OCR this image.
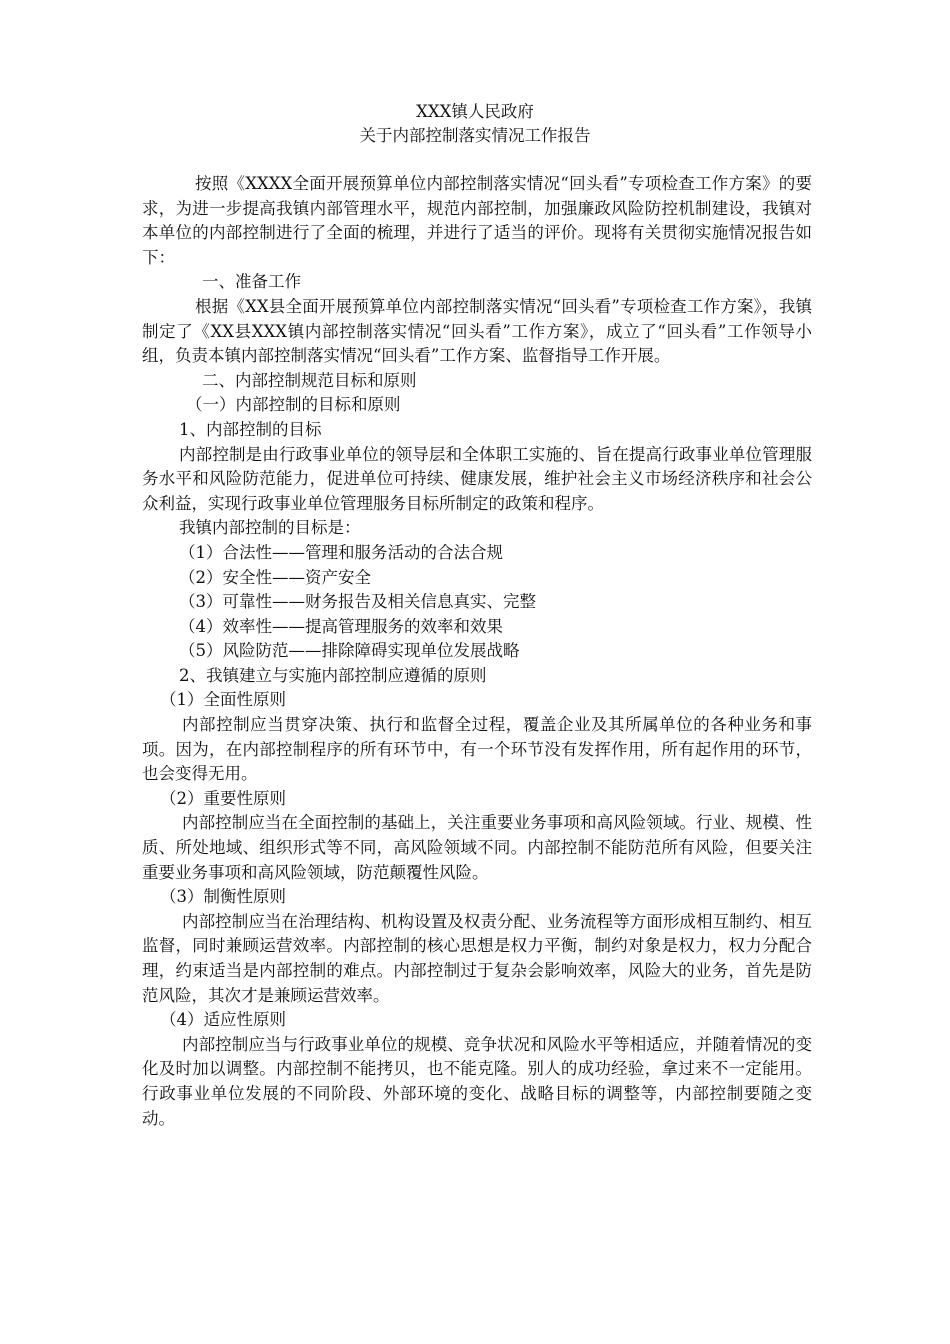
XXX镇人民政府
关于内部控制落实情况工作报告

按照《XXXX全面开展预算单位内部控制落实情况“回头看”专项检查工作方案》的要求，为进一步提高我镇内部管理水平，规范内部控制，加强廉政风险防控机制建设，我镇对本单位的内部控制进行了全面的梳理，并进行了适当的评价。现将有关贯彻实施情况报告如下：

一、准备工作

根据《XX县全面开展预算单位内部控制落实情况“回头看”专项检查工作方案》，我镇制定了《XX县XXX镇内部控制落实情况“回头看”工作方案》，成立了“回头看”工作领导小组，负责本镇内部控制落实情况“回头看”工作方案、监督指导工作开展。

二、内部控制规范目标和原则

（一）内部控制的目标和原则

1、内部控制的目标

内部控制是由行政事业单位的领导层和全体职工实施的、旨在提高行政事业单位管理服务水平和风险防范能力，促进单位可持续、健康发展，维护社会主义市场经济秩序和社会公众利益，实现行政事业单位管理服务目标所制定的政策和程序。

我镇内部控制的目标是：

（1）合法性——管理和服务活动的合法合规

（2）安全性——资产安全

（3）可靠性——财务报告及相关信息真实、完整

（4）效率性——提高管理服务的效率和效果

（5）风险防范——排除障碍实现单位发展战略

2、我镇建立与实施内部控制应遵循的原则

（1）全面性原则

内部控制应当贯穿决策、执行和监督全过程，覆盖企业及其所属单位的各种业务和事项。因为，在内部控制程序的所有环节中，有一个环节没有发挥作用，所有起作用的环节，也会变得无用。

（2）重要性原则

内部控制应当在全面控制的基础上，关注重要业务事项和高风险领域。行业、规模、性质、所处地域、组织形式等不同，高风险领域不同。内部控制不能防范所有风险，但要关注重要业务事项和高风险领域，防范颠覆性风险。

（3）制衡性原则

内部控制应当在治理结构、机构设置及权责分配、业务流程等方面形成相互制约、相互监督，同时兼顾运营效率。内部控制的核心思想是权力平衡，制约对象是权力，权力分配合理，约束适当是内部控制的难点。内部控制过于复杂会影响效率，风险大的业务，首先是防范风险，其次才是兼顾运营效率。

（4）适应性原则

内部控制应当与行政事业单位的规模、竞争状况和风险水平等相适应，并随着情况的变化及时加以调整。内部控制不能拷贝，也不能克隆。别人的成功经验，拿过来不一定能用。行政事业单位发展的不同阶段、外部环境的变化、战略目标的调整等，内部控制要随之变动。
